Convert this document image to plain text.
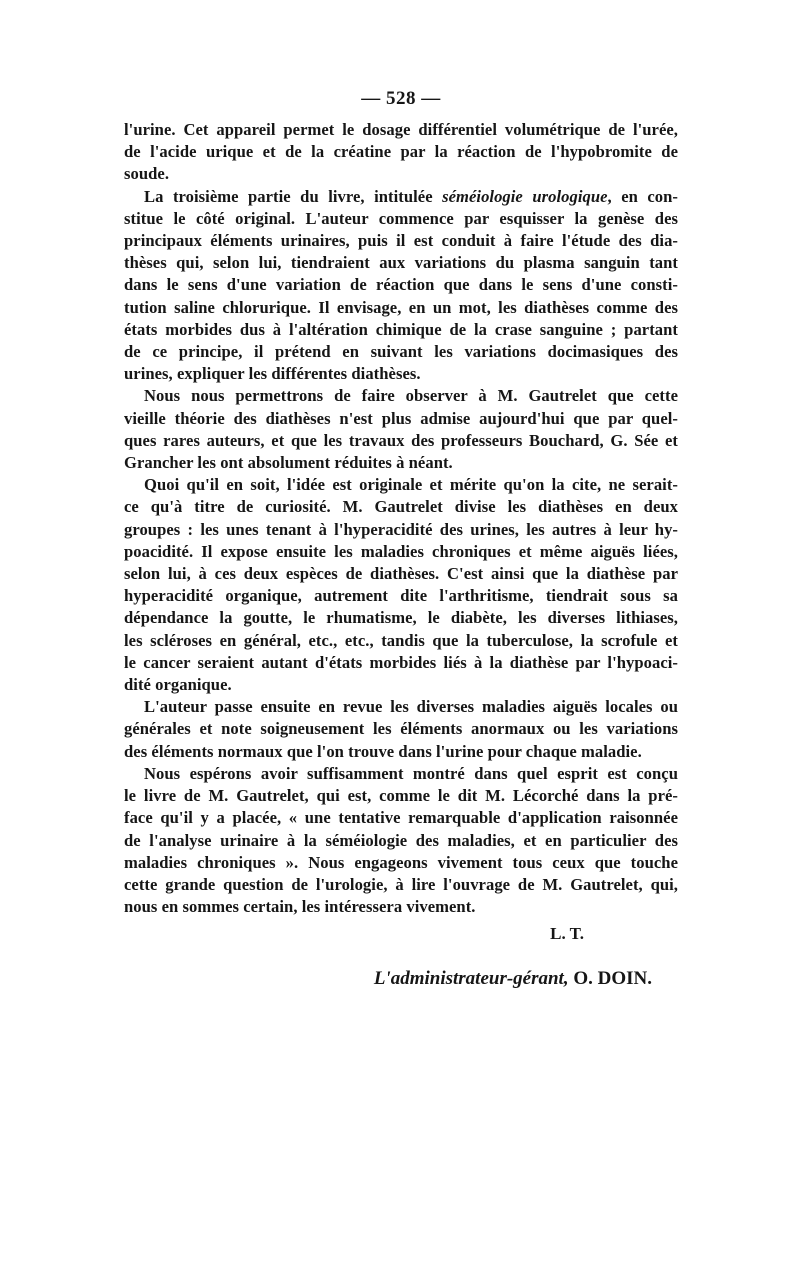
— 528 —

l'urine. Cet appareil permet le dosage différentiel volumétrique de l'urée,
de l'acide urique et de la créatine par la réaction de l'hypobromite de
soude.

La troisième partie du livre, intitulée séméiologie urologique, en con-
stitue le côté original. L'auteur commence par esquisser la genèse des
principaux éléments urinaires, puis il est conduit à faire l'étude des dia-
thèses qui, selon lui, tiendraient aux variations du plasma sanguin tant
dans le sens d'une variation de réaction que dans le sens d'une consti-
tution saline chlorurique. Il envisage, en un mot, les diathèses comme des
états morbides dus à l'altération chimique de la crase sanguine ; partant
de ce principe, il prétend en suivant les variations docimasiques des
urines, expliquer les différentes diathèses.

Nous nous permettrons de faire observer à M. Gautrelet que cette
vieille théorie des diathèses n'est plus admise aujourd'hui que par quel-
ques rares auteurs, et que les travaux des professeurs Bouchard, G. Sée et
Grancher les ont absolument réduites à néant.

Quoi qu'il en soit, l'idée est originale et mérite qu'on la cite, ne serait-
ce qu'à titre de curiosité. M. Gautrelet divise les diathèses en deux
groupes : les unes tenant à l'hyperacidité des urines, les autres à leur hy-
poacidité. Il expose ensuite les maladies chroniques et même aiguës liées,
selon lui, à ces deux espèces de diathèses. C'est ainsi que la diathèse par
hyperacidité organique, autrement dite l'arthritisme, tiendrait sous sa
dépendance la goutte, le rhumatisme, le diabète, les diverses lithiases,
les scléroses en général, etc., etc., tandis que la tuberculose, la scrofule et
le cancer seraient autant d'états morbides liés à la diathèse par l'hypoaci-
dité organique.

L'auteur passe ensuite en revue les diverses maladies aiguës locales ou
générales et note soigneusement les éléments anormaux ou les variations
des éléments normaux que l'on trouve dans l'urine pour chaque maladie.

Nous espérons avoir suffisamment montré dans quel esprit est conçu
le livre de M. Gautrelet, qui est, comme le dit M. Lécorché dans la pré-
face qu'il y a placée, « une tentative remarquable d'application raisonnée
de l'analyse urinaire à la séméiologie des maladies, et en particulier des
maladies chroniques ». Nous engageons vivement tous ceux que touche
cette grande question de l'urologie, à lire l'ouvrage de M. Gautrelet, qui,
nous en sommes certain, les intéressera vivement.

L. T.
L'administrateur-gérant, O. DOIN.
